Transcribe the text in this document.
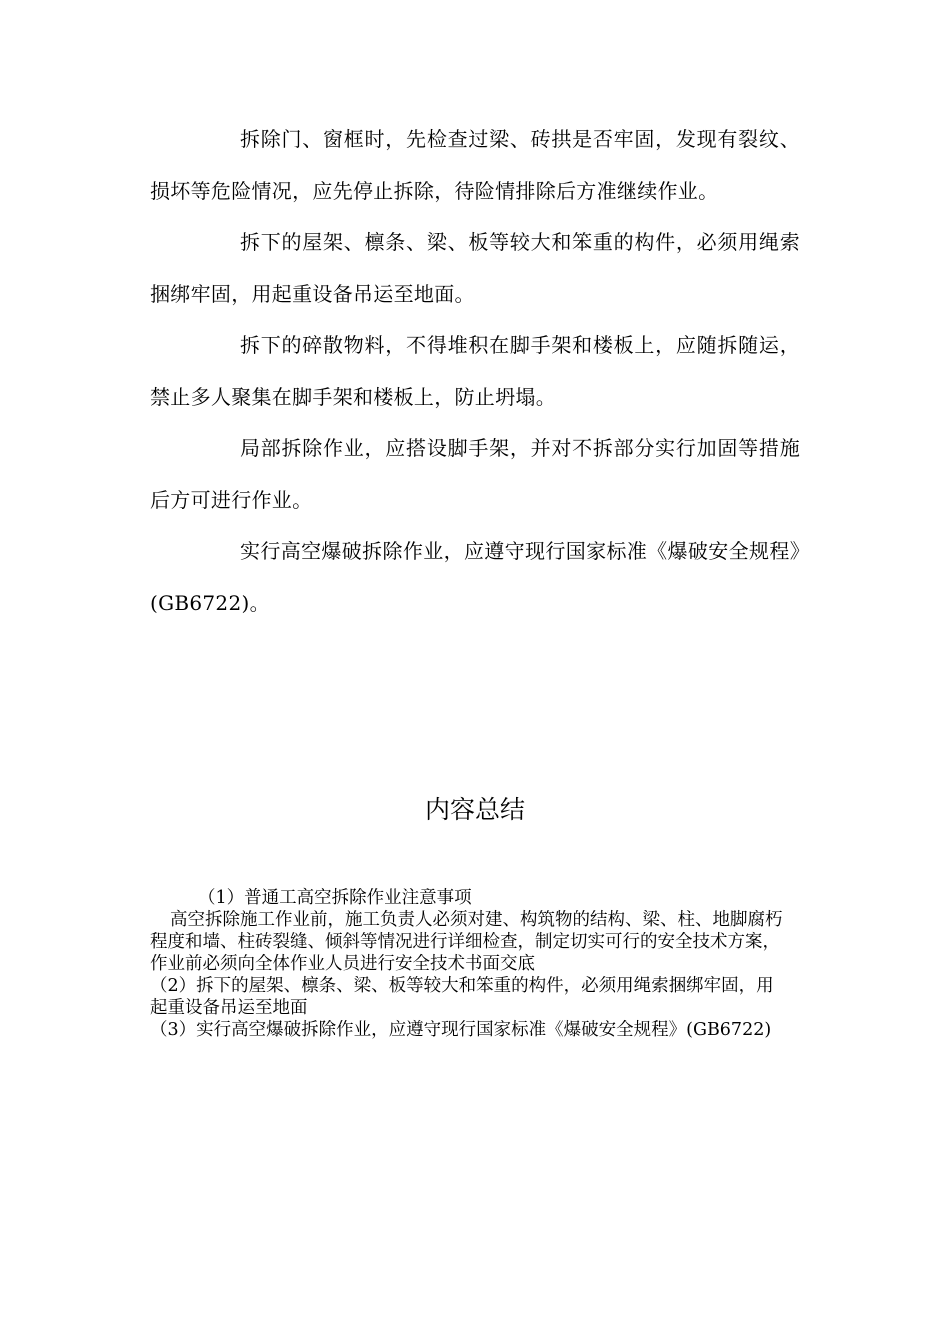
拆除门、窗框时，先检查过梁、砖拱是否牢固，发现有裂纹、损坏等危险情况，应先停止拆除，待险情排除后方准继续作业。

拆下的屋架、檩条、梁、板等较大和笨重的构件，必须用绳索捆绑牢固，用起重设备吊运至地面。

拆下的碎散物料，不得堆积在脚手架和楼板上，应随拆随运，禁止多人聚集在脚手架和楼板上，防止坍塌。

局部拆除作业，应搭设脚手架，并对不拆部分实行加固等措施后方可进行作业。

实行高空爆破拆除作业，应遵守现行国家标准《爆破安全规程》(GB6722)。

内容总结

（1）普通工高空拆除作业注意事项

高空拆除施工作业前，施工负责人必须对建、构筑物的结构、梁、柱、地脚腐朽程度和墙、柱砖裂缝、倾斜等情况进行详细检查，制定切实可行的安全技术方案，作业前必须向全体作业人员进行安全技术书面交底

（2）拆下的屋架、檩条、梁、板等较大和笨重的构件，必须用绳索捆绑牢固，用起重设备吊运至地面

（3）实行高空爆破拆除作业，应遵守现行国家标准《爆破安全规程》(GB6722)
